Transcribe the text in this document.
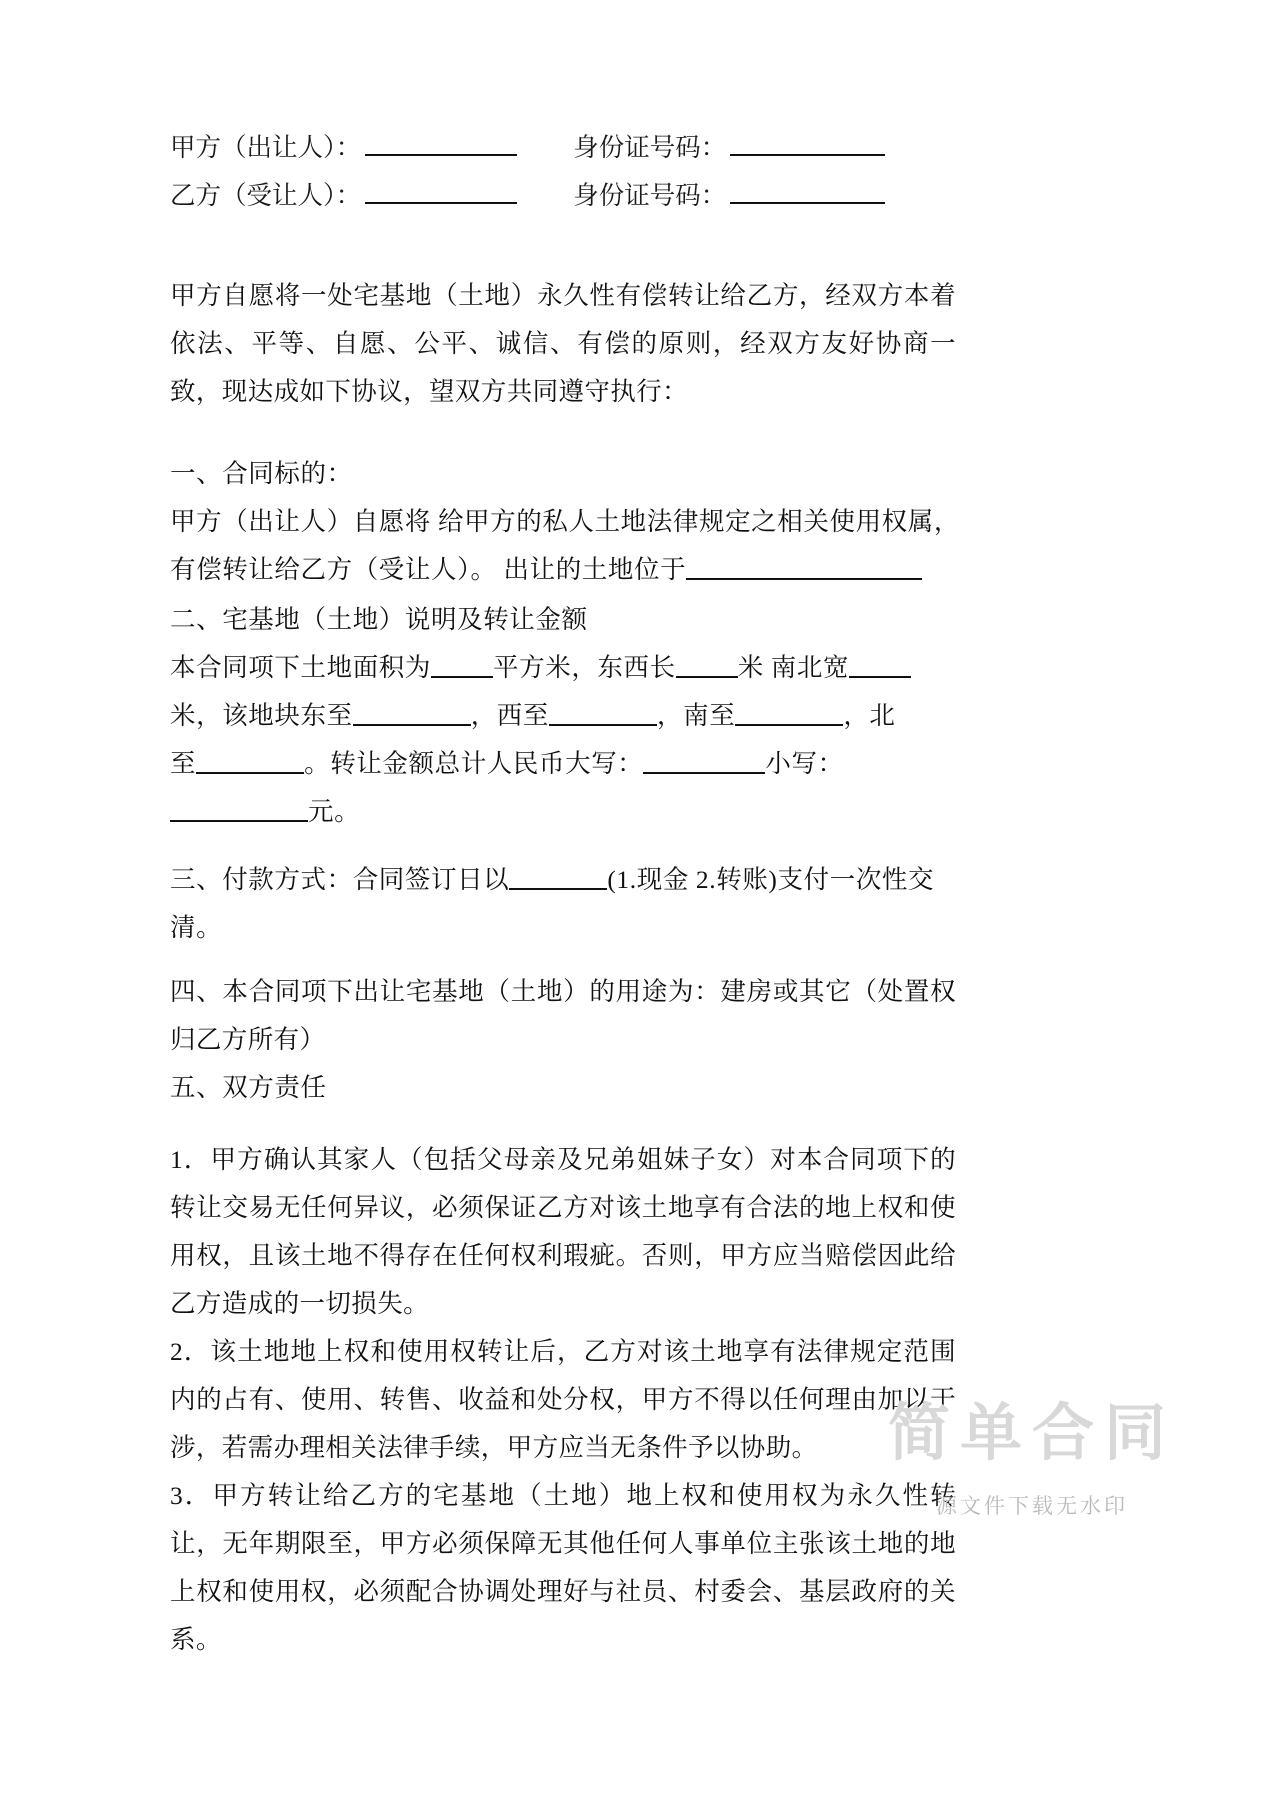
甲方（出让人）：	身份证号码：
乙方（受让人）：	身份证号码：
甲方自愿将一处宅基地（土地）永久性有偿转让给乙方，经双方本着依法、平等、自愿、公平、诚信、有偿的原则，经双方友好协商一致，现达成如下协议，望双方共同遵守执行：
一、合同标的：
甲方（出让人）自愿将 给甲方的私人土地法律规定之相关使用权属，
有偿转让给乙方（受让人）。 出让的土地位于
二、宅基地（土地）说明及转让金额
本合同项下土地面积为 平方米，东西长 米 南北宽
米，该地块东至	，西至	，南至	，北
至	。转让金额总计人民币大写：	小写：
元。
三、付款方式：合同签订日以	(1.现金 2.转账)支付一次性交
清。
四、本合同项下出让宅基地（土地）的用途为：建房或其它（处置权归乙方所有）
五、双方责任
1．甲方确认其家人（包括父母亲及兄弟姐妹子女）对本合同项下的转让交易无任何异议，必须保证乙方对该土地享有合法的地上权和使用权，且该土地不得存在任何权利瑕疵。否则，甲方应当赔偿因此给乙方造成的一切损失。
2．该土地地上权和使用权转让后，乙方对该土地享有法律规定范围内的占有、使用、转售、收益和处分权，甲方不得以任何理由加以干涉，若需办理相关法律手续，甲方应当无条件予以协助。
3．甲方转让给乙方的宅基地（土地）地上权和使用权为永久性转让，无年期限至，甲方必须保障无其他任何人事单位主张该土地的地上权和使用权，必须配合协调处理好与社员、村委会、基层政府的关系。
简单合同
源文件下载无水印
